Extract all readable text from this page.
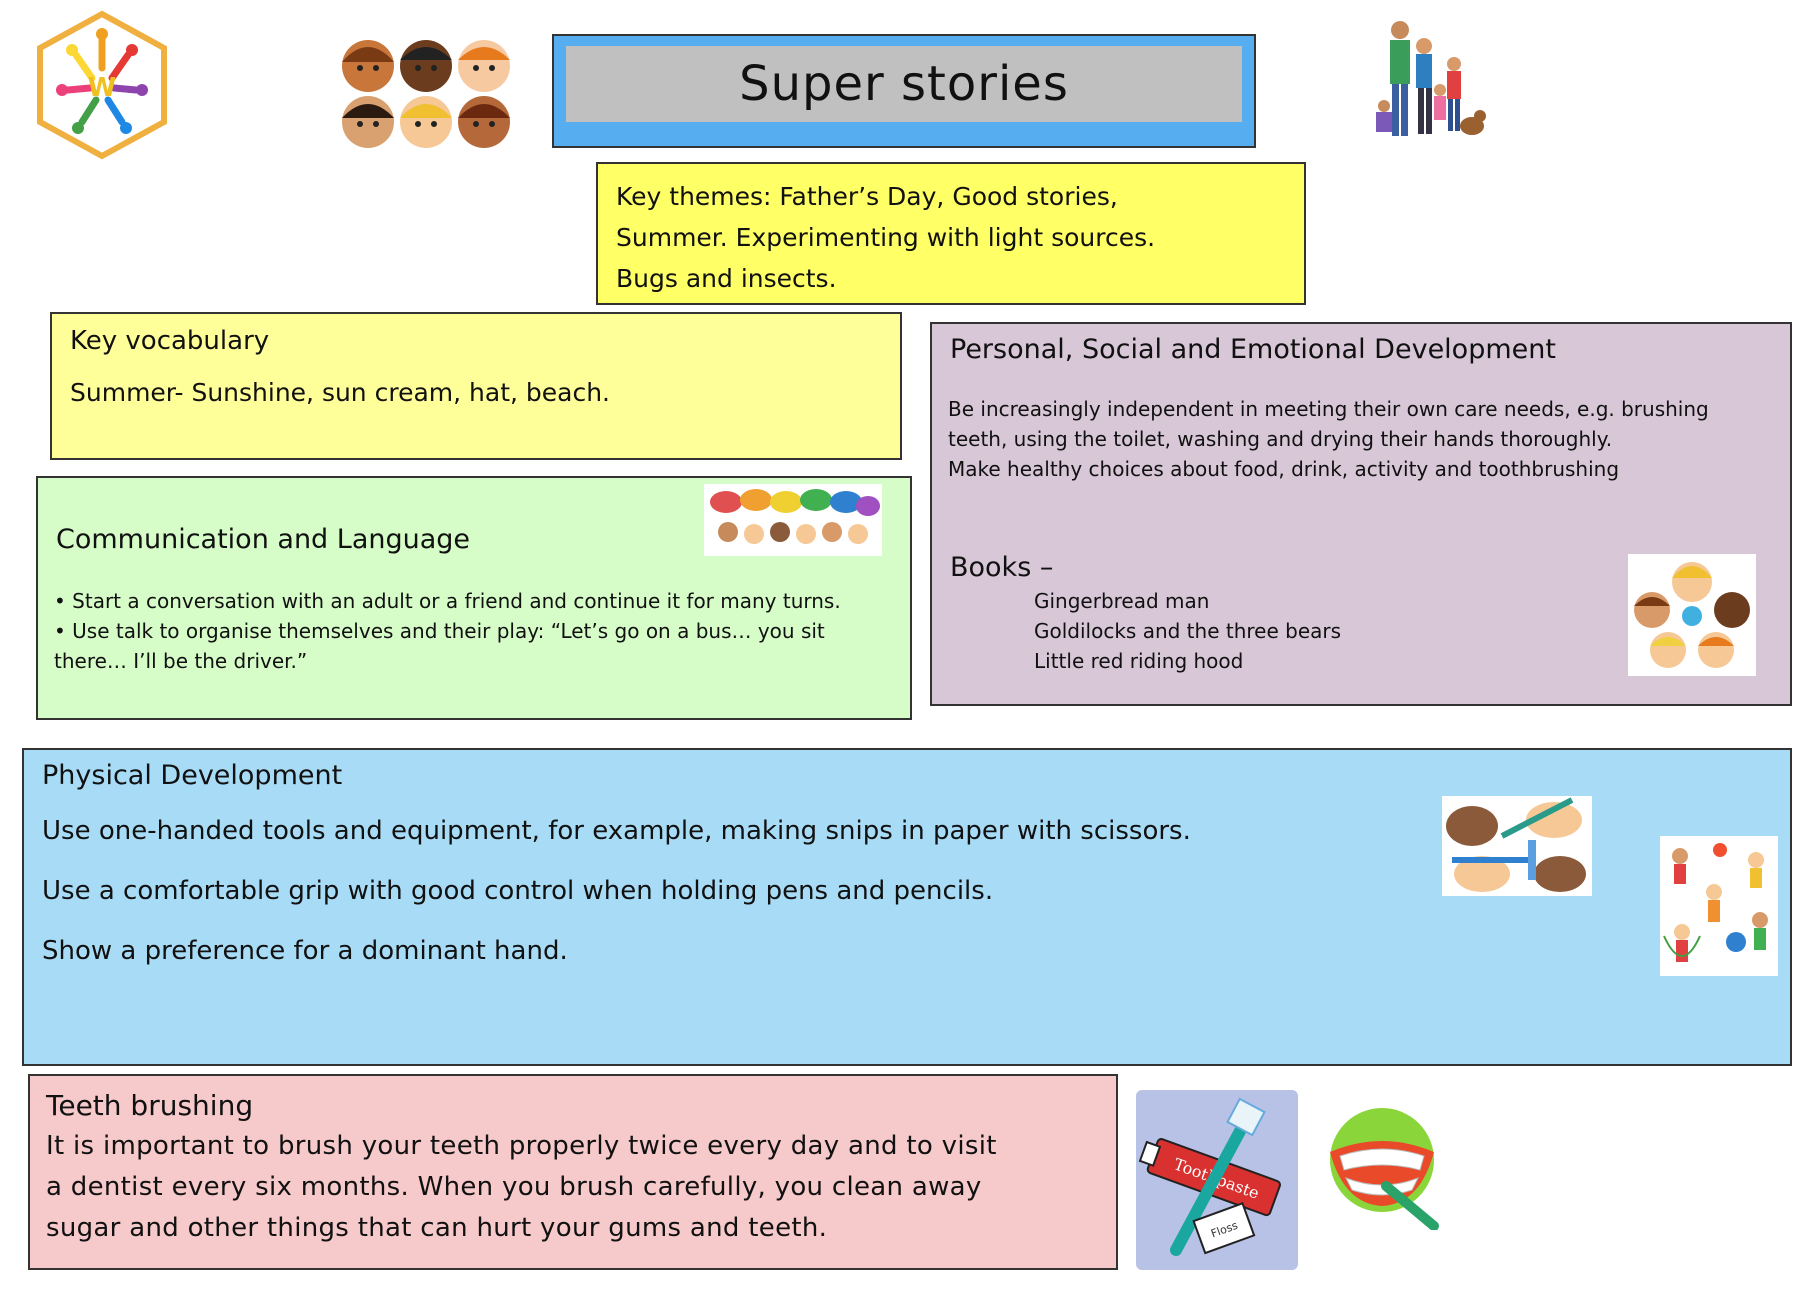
W	Super stories
Key themes: Father’s Day, Good stories,
Summer. Experimenting with light sources.
Bugs and insects.
Key vocabulary
Summer- Sunshine, sun cream, hat, beach.
Communication and Language
• Start a conversation with an adult or a friend and continue it for many turns.
• Use talk to organise themselves and their play: “Let’s go on a bus… you sit there… I’ll be the driver.”
Personal, Social and Emotional Development
Be increasingly independent in meeting their own care needs, e.g. brushing teeth, using the toilet, washing and drying their hands thoroughly.
Make healthy choices about food, drink, activity and toothbrushing
Books –
Gingerbread man
Goldilocks and the three bears
Little red riding hood
Physical Development
Use one-handed tools and equipment, for example, making snips in paper with scissors.
Use a comfortable grip with good control when holding pens and pencils.
Show a preference for a dominant hand.
Teeth brushing
It is important to brush your teeth properly twice every day and to visit
a dentist every six months. When you brush carefully, you clean away
sugar and other things that can hurt your gums and teeth.	Floss
